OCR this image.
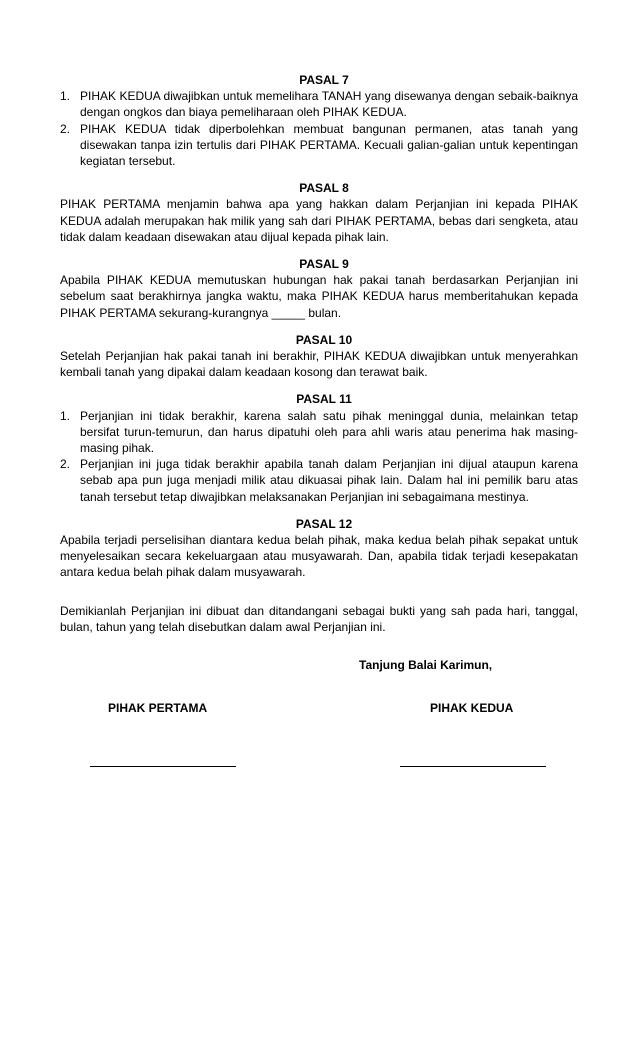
PASAL 7

1. PIHAK KEDUA diwajibkan untuk memelihara TANAH yang disewanya dengan sebaik-baiknya dengan ongkos dan biaya pemeliharaan oleh PIHAK KEDUA.
2. PIHAK KEDUA tidak diperbolehkan membuat bangunan permanen, atas tanah yang disewakan tanpa izin tertulis dari PIHAK PERTAMA. Kecuali galian-galian untuk kepentingan kegiatan tersebut.

PASAL 8

PIHAK PERTAMA menjamin bahwa apa yang hakkan dalam Perjanjian ini kepada PIHAK KEDUA adalah merupakan hak milik yang sah dari PIHAK PERTAMA, bebas dari sengketa, atau tidak dalam keadaan disewakan atau dijual kepada pihak lain.

PASAL 9

Apabila PIHAK KEDUA memutuskan hubungan hak pakai tanah berdasarkan Perjanjian ini sebelum saat berakhirnya jangka waktu, maka PIHAK KEDUA harus memberitahukan kepada PIHAK PERTAMA sekurang-kurangnya _____ bulan.

PASAL 10

Setelah Perjanjian hak pakai tanah ini berakhir, PIHAK KEDUA diwajibkan untuk menyerahkan kembali tanah yang dipakai dalam keadaan kosong dan terawat baik.

PASAL 11

1. Perjanjian ini tidak berakhir, karena salah satu pihak meninggal dunia, melainkan tetap bersifat turun-temurun, dan harus dipatuhi oleh para ahli waris atau penerima hak masing-masing pihak.
2. Perjanjian ini juga tidak berakhir apabila tanah dalam Perjanjian ini dijual ataupun karena sebab apa pun juga menjadi milik atau dikuasai pihak lain. Dalam hal ini pemilik baru atas tanah tersebut tetap diwajibkan melaksanakan Perjanjian ini sebagaimana mestinya.

PASAL 12

Apabila terjadi perselisihan diantara kedua belah pihak, maka kedua belah pihak sepakat untuk menyelesaikan secara kekeluargaan atau musyawarah. Dan, apabila tidak terjadi kesepakatan antara kedua belah pihak dalam musyawarah.

Demikianlah Perjanjian ini dibuat dan ditandangani sebagai bukti yang sah pada hari, tanggal, bulan, tahun yang telah disebutkan dalam awal Perjanjian ini.

Tanjung Balai Karimun,
PIHAK PERTAMA	PIHAK KEDUA
